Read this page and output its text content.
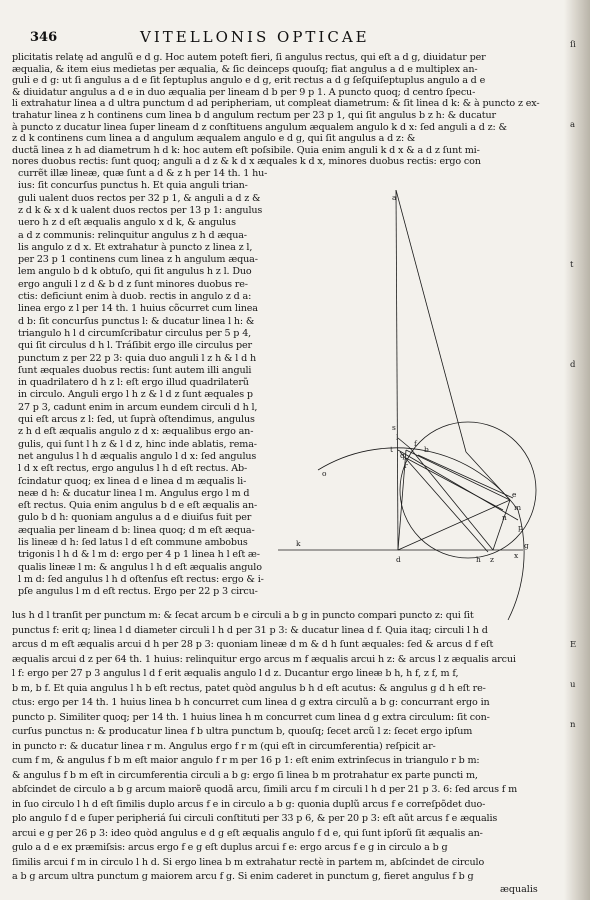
ſi
a
t
d
E
u
n
346	VITELLONIS OPTICAE
plicitatis relatę ad angulũ e d g. Hoc autem poteſt fieri, ſi angulus rectus, qui eſt a d g, diuidatur per
æqualia, & item eius medietas per æqualia, & ſic deinceps quouſq; fiat angulus a d e multiplex an-
guli e d g: ut ſi angulus a d e ſit ſeptuplus angulo e d g, erit rectus a d g ſeſquiſeptuplus angulo a d e
& diuidatur angulus a d e in duo æqualia per lineam d b per 9 p 1. A puncto quoq; d centro ſpecu-
li extrahatur linea a d ultra punctum d ad peripheriam, ut compleat diametrum: & ſit linea d k: & à puncto z ex-
trahatur linea z h continens cum linea b d angulum rectum per 23 p 1, qui ſit angulus b z h: & ducatur
à puncto z ducatur linea ſuper lineam d z conſtituens angulum æqualem angulo k d x: ſed anguli a d z: &
z d k continens cum linea a d angulum æqualem angulo e d g, qui ſit angulus a d z: &
ductã linea z h ad diametrum h d k: hoc autem eſt poſsibile. Quia enim anguli k d x & a d z ſunt mi-
nores duobus rectis: ſunt quoq; anguli a d z & k d x æquales k d x, minores duobus rectis: ergo con
currẽt illæ lineæ, quæ ſunt a d & z h per 14 th. 1 hu-
ius: ſit concurſus punctus h. Et quia anguli trian-
guli ualent duos rectos per 32 p 1, & anguli a d z &
z d k & x d k ualent duos rectos per 13 p 1: angulus
uero h z d eſt æqualis angulo x d k, & angulus
a d z communis: relinquitur angulus z h d æqua-
lis angulo z d x. Et extrahatur à puncto z linea z l,
per 23 p 1 continens cum linea z h angulum æqua-
lem angulo b d k obtuſo, qui ſit angulus h z l. Duo
ergo anguli l z d & b d z ſunt minores duobus re-
ctis: deficiunt enim à duob. rectis in angulo z d a:
linea ergo z l per 14 th. 1 huius cõcurret cum linea
d b: ſit concurſus punctus l: & ducatur linea l h: &
triangulo h l d circumſcribatur circulus per 5 p 4,
qui ſit circulus d h l. Tráſibit ergo ille circulus per
punctum z per 22 p 3: quia duo anguli l z h & l d h
ſunt æquales duobus rectis: ſunt autem illi anguli
in quadrilatero d h z l: eſt ergo illud quadrilaterũ
in circulo. Anguli ergo l h z & l d z ſunt æquales p
27 p 3, cadunt enim in arcum eundem circuli d h l,
qui eſt arcus z l: ſed, ut ſuprà oſtendimus, angulus
z h d eſt æqualis angulo z d x: æqualibus ergo an-
gulis, qui ſunt l h z & l d z, hinc inde ablatis, rema-
net angulus l h d æqualis angulo l d x: ſed angulus
l d x eſt rectus, ergo angulus l h d eſt rectus. Ab-
ſcindatur quoq; ex linea d e linea d m æqualis li-
neæ d h: & ducatur linea l m. Angulus ergo l m d
eſt rectus. Quia enim angulus b d e eſt æqualis an-
gulo b d h: quoniam angulus a d e diuiſus fuit per
æqualia per lineam d b: linea quoq; d m eſt æqua-
lis lineæ d h: ſed latus l d eſt commune ambobus
trigonis l h d & l m d: ergo per 4 p 1 linea h l eſt æ-
qualis lineæ l m: & angulus l h d eſt æqualis angulo
l m d: ſed angulus l h d oſtenſus eſt rectus: ergo & i-
pſe angulus l m d eſt rectus. Ergo per 22 p 3 circu-
lus h d l tranſit per punctum m: & ſecat arcum b e circuli a b g in puncto compari puncto z: qui ſit
punctus f: erit q; linea l d diameter circuli l h d per 31 p 3: & ducatur linea d f. Quia itaq; circuli l h d
arcus d m eſt æqualis arcui d h per 28 p 3: quoniam lineæ d m & d h ſunt æquales: ſed & arcus d f eſt
æqualis arcui d z per 64 th. 1 huius: relinquitur ergo arcus m f æqualis arcui h z: & arcus l z æqualis arcui
l f: ergo per 27 p 3 angulus l d f erit æqualis angulo l d z. Ducantur ergo lineæ b h, h f, z f, m f,
b m, b f. Et quia angulus l h b eſt rectus, patet quòd angulus b h d eſt acutus: & angulus g d h eſt re-
ctus: ergo per 14 th. 1 huius linea b h concurret cum linea d g extra circulũ a b g: concurrant ergo in
puncto p. Similiter quoq; per 14 th. 1 huius linea h m concurret cum linea d g extra circulum: ſit con-
curſus punctus n: & producatur linea f b ultra punctum b, quouſq; ſecet arcũ l z: ſecet ergo ipſum
in puncto r: & ducatur linea r m. Angulus ergo f r m (qui eſt in circumferentia) reſpicit ar-
cum f m, & angulus f b m eſt maior angulo f r m per 16 p 1: eſt enim extrinſecus in triangulo r b m:
& angulus f b m eſt in circumferentia circuli a b g: ergo ſi linea b m protrahatur ex parte puncti m,
abſcindet de circulo a b g arcum maiorẽ quodã arcu, ſimili arcu f m circuli l h d per 21 p 3. 6: ſed arcus f m
in ſuo circulo l h d eſt ſimilis duplo arcus f e in circulo a b g: quonia duplũ arcus f e correſpõdet duo-
plo angulo f d e ſuper peripheriá ſui circuli conſtituti per 33 p 6, & per 20 p 3: eſt aũt arcus f e æqualis
arcui e g per 26 p 3: ideo quòd angulus e d g eſt æqualis angulo f d e, qui ſunt ipſorũ ſit æqualis an-
gulo a d e ex præmiſsis: arcus ergo f e g eſt duplus arcui f e: ergo arcus f e g in circulo a b g
ſimilis arcui f m in circulo l h d. Si ergo linea b m extrahatur rectè in partem m, abſcindet de circulo
a b g arcum ultra punctum g maiorem arcu f g. Si enim caderet in punctum g, fieret angulus f b g
a
b
g
d
e
z
h
k
l
m
f
n
p
q
r
x
s
t
o
æqualis
